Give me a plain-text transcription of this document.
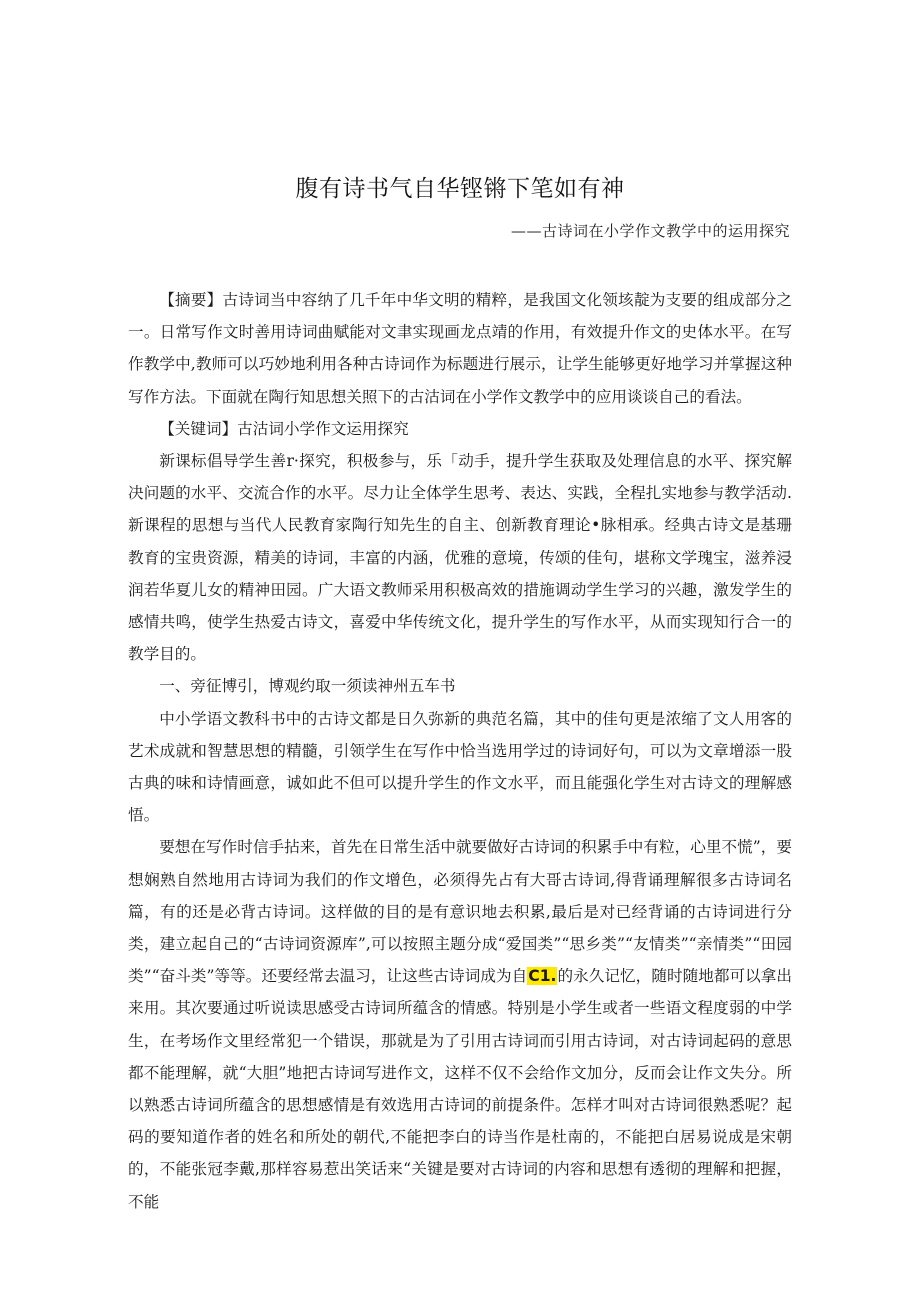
腹有诗书气自华铿锵下笔如有神
——古诗词在小学作文教学中的运用探究

【摘要】古诗词当中容纳了几千年中华文明的精粹，是我国文化领垓靛为支要的组成部分之一。日常写作文时善用诗词曲赋能对文聿实现画龙点靖的作用，有效提升作文的史体水平。在写作教学中,教师可以巧妙地利用各种古诗词作为标题进行展示，让学生能够更好地学习并掌握这种写作方法。下面就在陶行知思想关照下的古沽词在小学作文教学中的应用谈谈自己的看法。

【关键词】古沽词小学作文运用探究

新课标倡导学生善r·探究，积极参与，乐「动手，提升学生获取及处理信息的水平、探究解决问题的水平、交流合作的水平。尽力让全体学生思考、表达、实践，全程扎实地参与教学活动.新课程的思想与当代人民教育家陶行知先生的自主、创新教育理论•脉相承。经典古诗文是基珊教育的宝贵资源，精美的诗词，丰富的内涵，优雅的意境，传颂的佳句，堪称文学瑰宝，滋养浸润若华夏儿女的精神田园。广大语文教师采用积极高效的措施调动学生学习的兴趣，激发学生的感情共鸣，使学生热爱古诗文，喜爱中华传统文化，提升学生的写作水平，从而实现知行合一的教学目的。

一、旁征博引，博观约取一须读神州五车书

中小学语文教科书中的古诗文都是日久弥新的典范名篇，其中的佳句更是浓缩了文人用客的艺术成就和智慧思想的精髓，引领学生在写作中恰当选用学过的诗词好句，可以为文章增添一股古典的味和诗情画意，诚如此不但可以提升学生的作文水平，而且能强化学生对古诗文的理解感悟。

要想在写作时信手拈来，首先在日常生活中就要做好古诗词的积累手中有粒，心里不慌”，要想娴熟自然地用古诗词为我们的作文增色，必须得先占有大哥古诗词,得背诵理解很多古诗词名篇，有的还是必背古诗词。这样做的目的是有意识地去积累,最后是对已经背诵的古诗词进行分类，建立起自己的“古诗词资源库”,可以按照主题分成“爱国类”“思乡类”“友情类”“亲情类”“田园类”“奋斗类”等等。还要经常去温习，让这些古诗词成为自C1.的永久记忆，随时随地都可以拿出来用。其次要通过听说读思感受古诗词所蕴含的情感。特别是小学生或者一些语文程度弱的中学生，在考场作文里经常犯一个错误，那就是为了引用古诗词而引用古诗词，对古诗词起码的意思都不能理解，就“大胆”地把古诗词写进作文，这样不仅不会给作文加分，反而会让作文失分。所以熟悉古诗词所蕴含的思想感情是有效选用古诗词的前提条件。怎样才叫对古诗词很熟悉呢？起码的要知道作者的姓名和所处的朝代,不能把李白的诗当作是杜南的，不能把白居易说成是宋朝的，不能张冠李戴,那样容易惹出笑话来“关键是要对古诗词的内容和思想有透彻的理解和把握，不能
